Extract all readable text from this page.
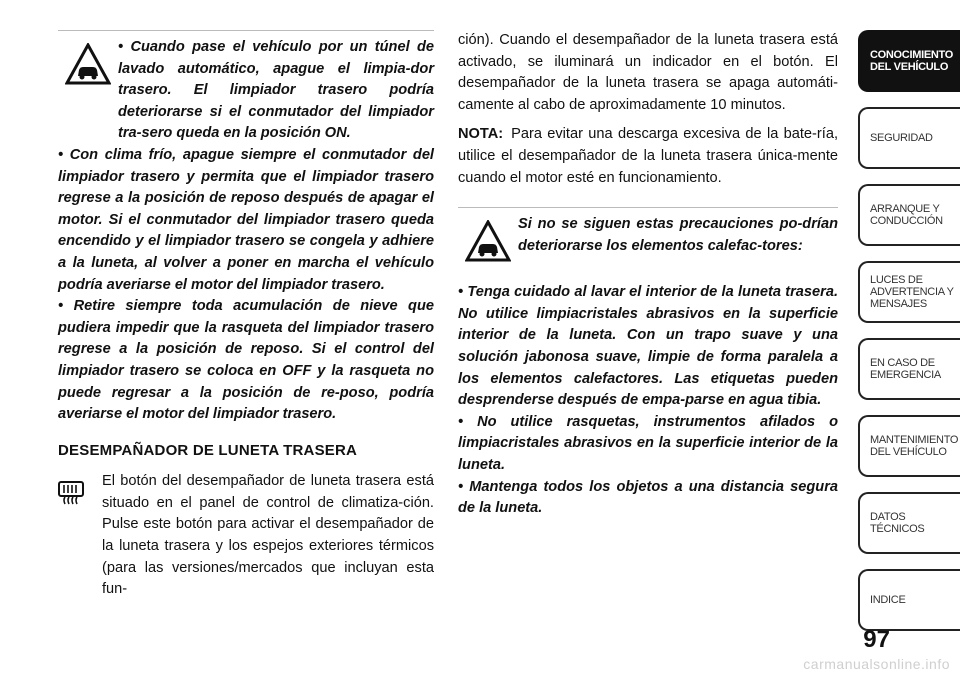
• Cuando pase el vehículo por un túnel de lavado automático, apague el limpia-dor trasero. El limpiador trasero podría deteriorarse si el conmutador del limpiador tra-sero queda en la posición ON.

• Con clima frío, apague siempre el conmutador del limpiador trasero y permita que el limpiador trasero regrese a la posición de reposo después de apagar el motor. Si el conmutador del limpiador trasero queda encendido y el limpiador trasero se congela y adhiere a la luneta, al volver a poner en marcha el vehículo podría averiarse el motor del limpiador trasero.

• Retire siempre toda acumulación de nieve que pudiera impedir que la rasqueta del limpiador trasero regrese a la posición de reposo. Si el control del limpiador trasero se coloca en OFF y la rasqueta no puede regresar a la posición de re-poso, podría averiarse el motor del limpiador trasero.

DESEMPAÑADOR DE LUNETA TRASERA

El botón del desempañador de luneta trasera está situado en el panel de control de climatiza-ción. Pulse este botón para activar el desempañador de la luneta trasera y los espejos exteriores térmicos (para las versiones/mercados que incluyan esta fun-

ción). Cuando el desempañador de la luneta trasera está activado, se iluminará un indicador en el botón. El desempañador de la luneta trasera se apaga automáti-camente al cabo de aproximadamente 10 minutos.

NOTA: Para evitar una descarga excesiva de la bate-ría, utilice el desempañador de la luneta trasera única-mente cuando el motor esté en funcionamiento.

Si no se siguen estas precauciones po-drían deteriorarse los elementos calefac-tores:

• Tenga cuidado al lavar el interior de la luneta trasera. No utilice limpiacristales abrasivos en la superficie interior de la luneta. Con un trapo suave y una solución jabonosa suave, limpie de forma paralela a los elementos calefactores. Las etiquetas pueden desprenderse después de empa-parse en agua tibia.

• No utilice rasquetas, instrumentos afilados o limpiacristales abrasivos en la superficie interior de la luneta.

• Mantenga todos los objetos a una distancia segura de la luneta.

CONOCIMIENTO
DEL VEHÍCULO
SEGURIDAD
ARRANQUE Y
CONDUCCIÓN
LUCES DE
ADVERTENCIA Y
MENSAJES
EN CASO DE
EMERGENCIA
MANTENIMIENTO
DEL VEHÍCULO
DATOS
TÉCNICOS
INDICE
97
carmanualsonline.info
